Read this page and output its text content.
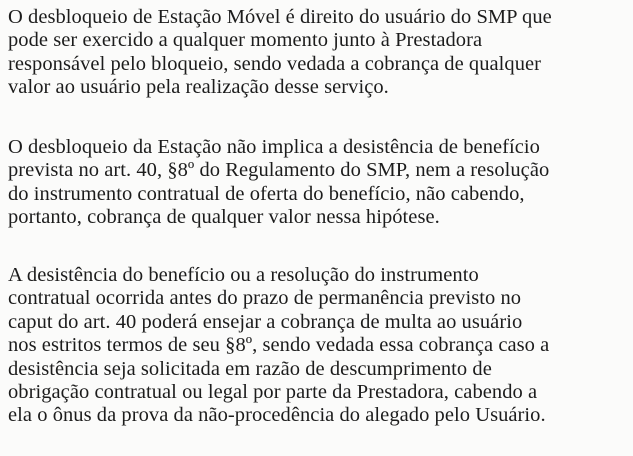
O desbloqueio de Estação Móvel é direito do usuário do SMP que
pode ser exercido a qualquer momento junto à Prestadora
responsável pelo bloqueio, sendo vedada a cobrança de qualquer
valor ao usuário pela realização desse serviço.

O desbloqueio da Estação não implica a desistência de benefício
prevista no art. 40, §8º do Regulamento do SMP, nem a resolução
do instrumento contratual de oferta do benefício, não cabendo,
portanto, cobrança de qualquer valor nessa hipótese.

A desistência do benefício ou a resolução do instrumento
contratual ocorrida antes do prazo de permanência previsto no
caput do art. 40 poderá ensejar a cobrança de multa ao usuário
nos estritos termos de seu §8º, sendo vedada essa cobrança caso a
desistência seja solicitada em razão de descumprimento de
obrigação contratual ou legal por parte da Prestadora, cabendo a
ela o ônus da prova da não-procedência do alegado pelo Usuário.
